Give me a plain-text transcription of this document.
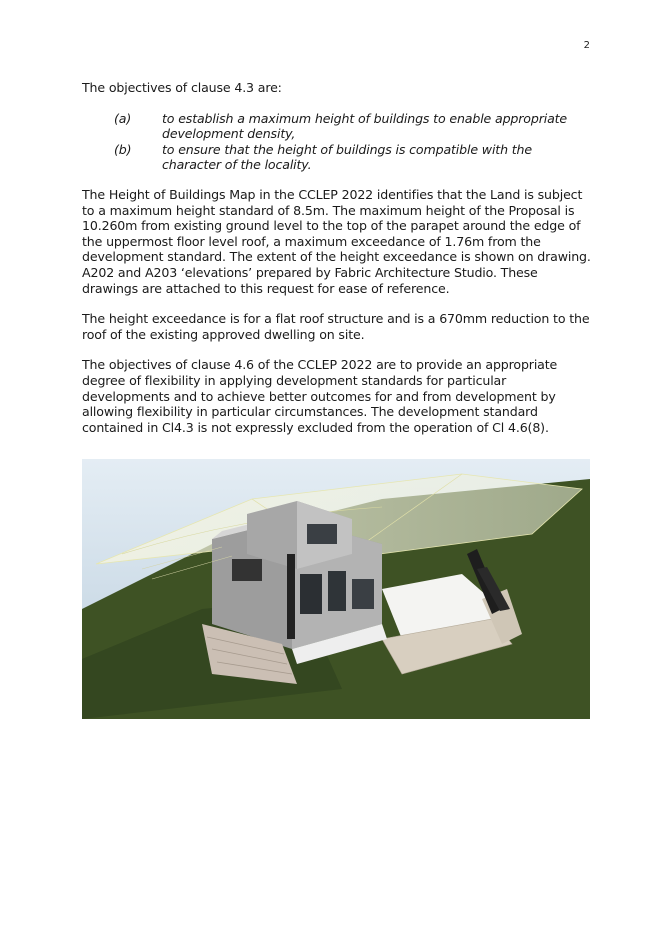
2

The objectives of clause 4.3 are:

(a)	to establish a maximum height of buildings to enable appropriate development density,
(b)	to ensure that the height of buildings is compatible with the character of the locality.

The Height of Buildings Map in the CCLEP 2022 identifies that the Land is subject to a maximum height standard of 8.5m. The maximum height of the Proposal is 10.260m from existing ground level to the top of the parapet around the edge of the uppermost floor level roof, a maximum exceedance of 1.76m from the development standard. The extent of the height exceedance is shown on drawing. A202 and A203 ‘elevations’ prepared by Fabric Architecture Studio. These drawings are attached to this request for ease of reference.

The height exceedance is for a flat roof structure and is a 670mm reduction to the roof of the existing approved dwelling on site.

The objectives of clause 4.6 of the CCLEP 2022 are to provide an appropriate degree of flexibility in applying development standards for particular developments and to achieve better outcomes for and from development by allowing flexibility in particular circumstances. The development standard contained in Cl4.3 is not expressly excluded from the operation of Cl 4.6(8).
